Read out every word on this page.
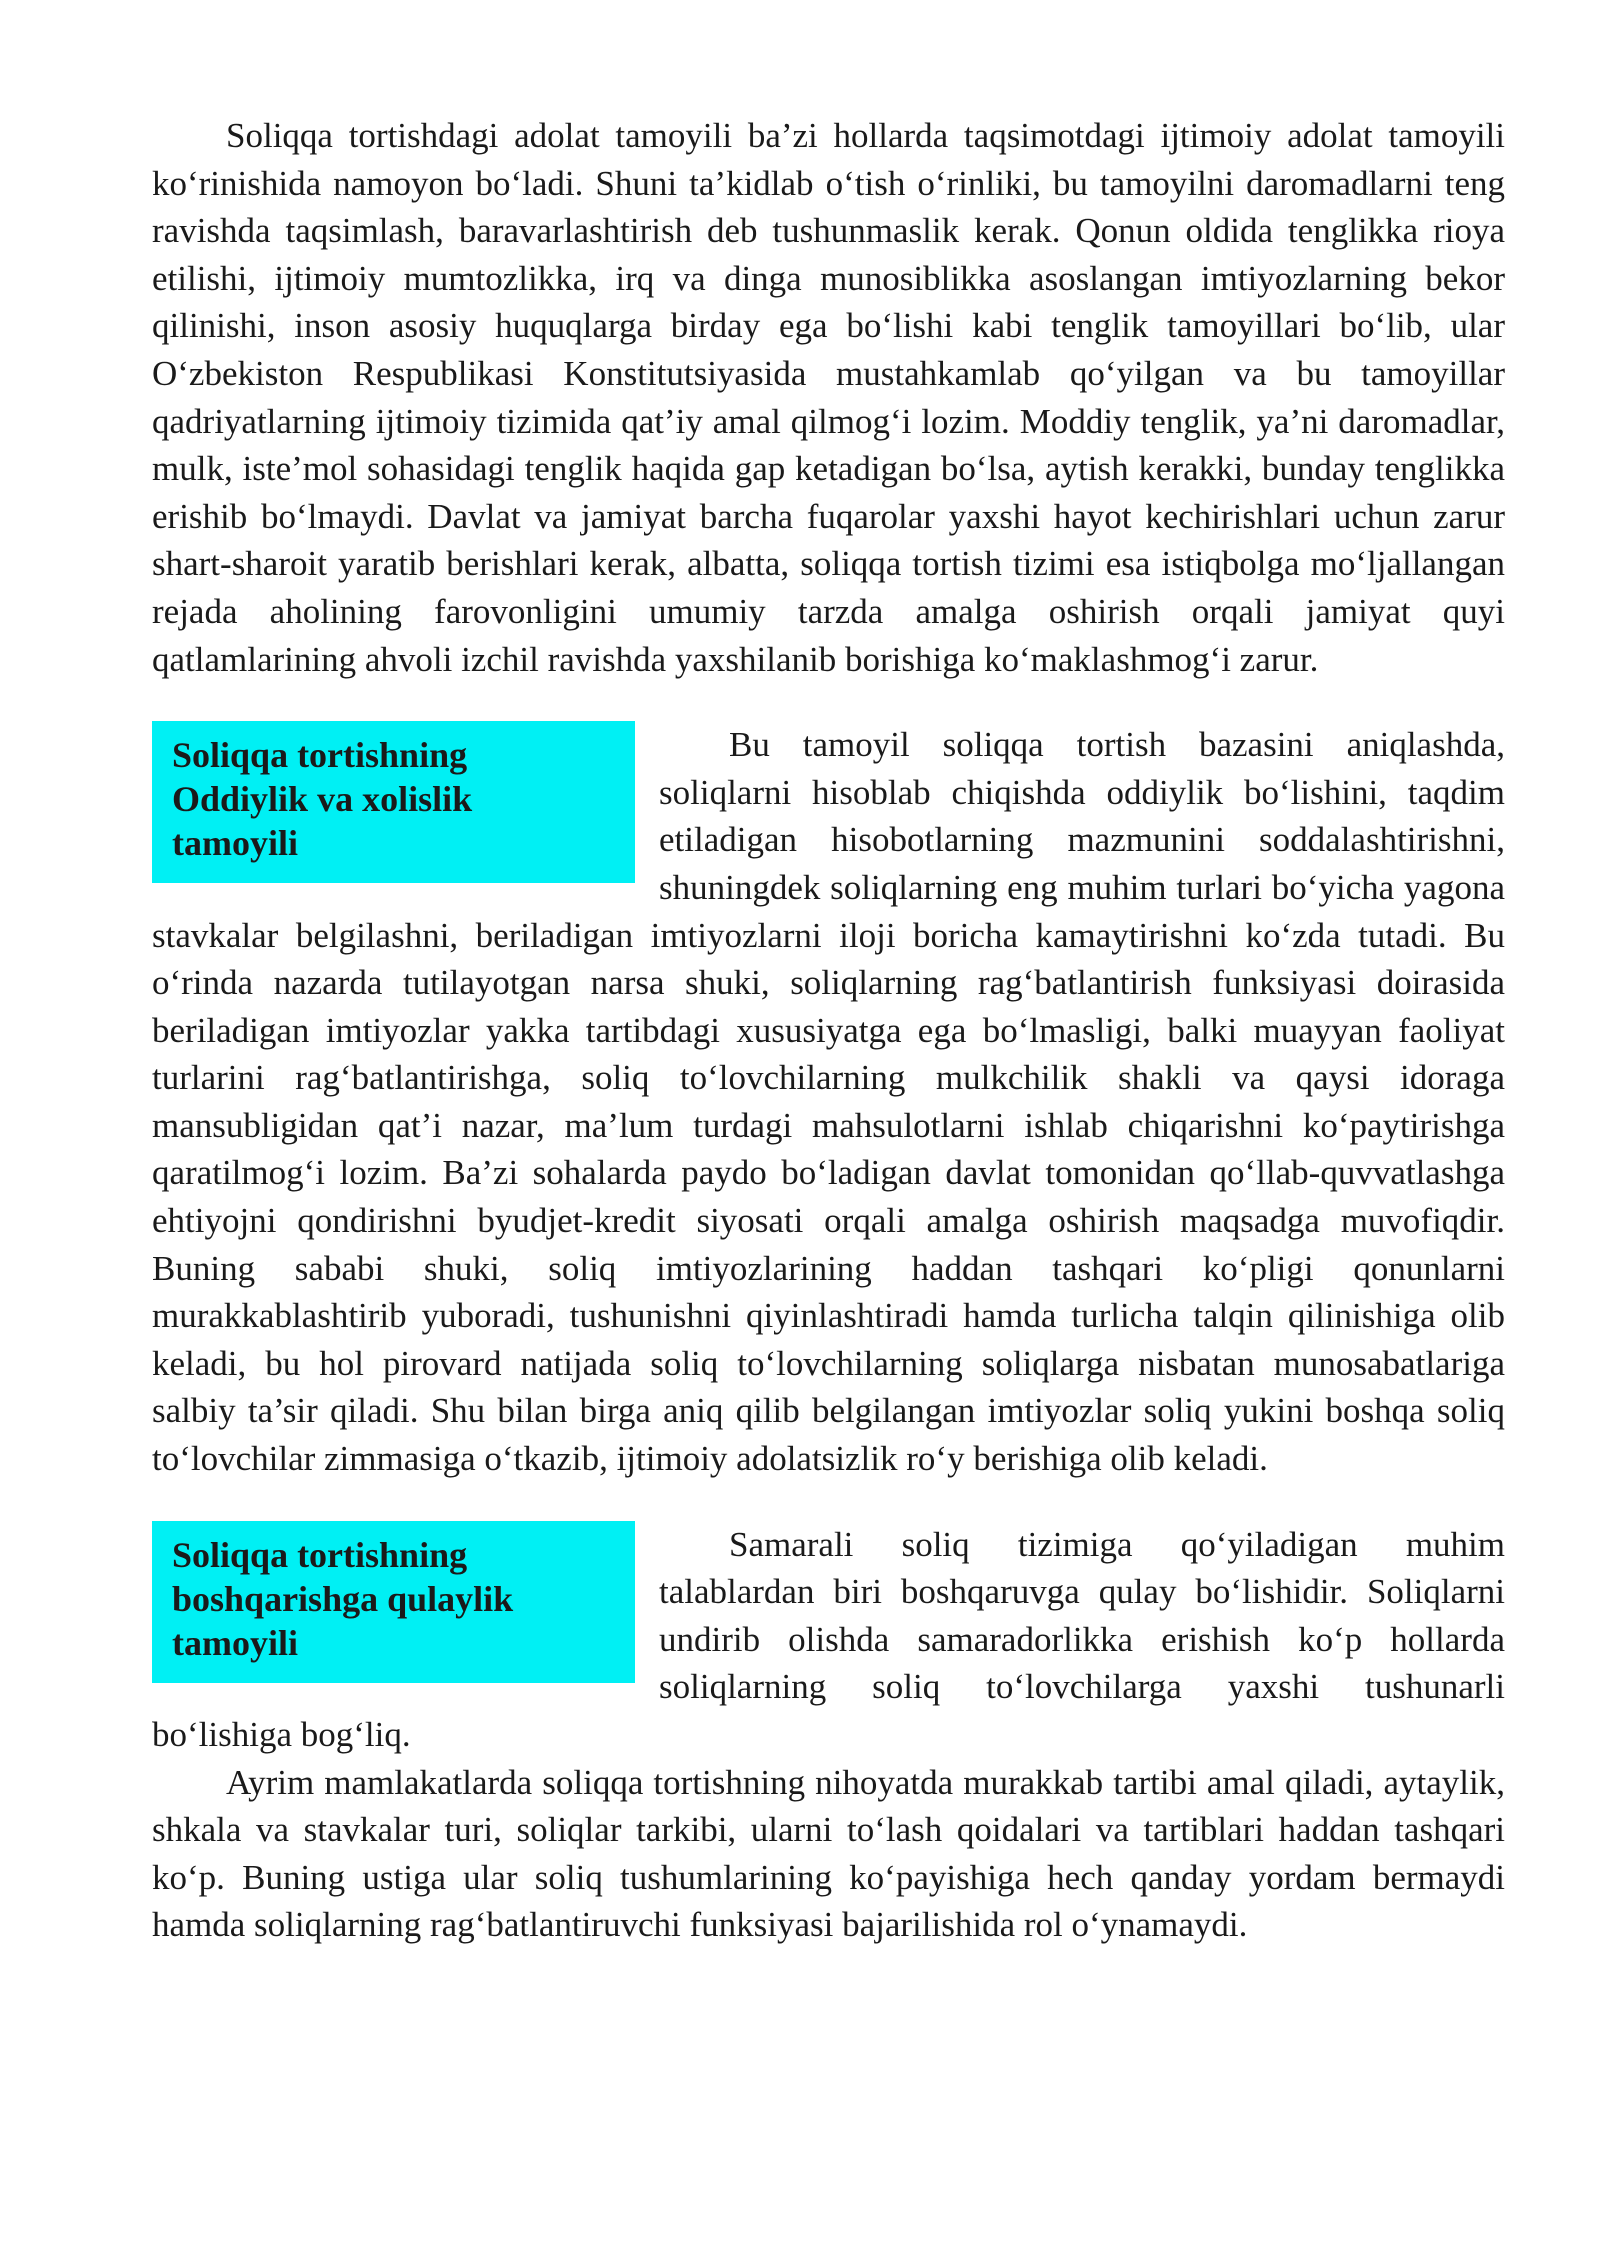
Soliqqa tortishdagi adolat tamoyili ba’zi hollarda taqsimotdagi ijtimoiy adolat tamoyili ko‘rinishida namoyon bo‘ladi. Shuni ta’kidlab o‘tish o‘rinliki, bu tamoyilni daromadlarni teng ravishda taqsimlash, baravarlashtirish deb tushunmaslik kerak. Qonun oldida tenglikka rioya etilishi, ijtimoiy mumtozlikka, irq va dinga munosiblikka asoslangan imtiyozlarning bekor qilinishi, inson asosiy huquqlarga birday ega bo‘lishi kabi tenglik tamoyillari bo‘lib, ular O‘zbekiston Respublikasi Konstitutsiyasida mustahkamlab qo‘yilgan va bu tamoyillar qadriyatlarning ijtimoiy tizimida qat’iy amal qilmog‘i lozim. Moddiy tenglik, ya’ni daromadlar, mulk, iste’mol sohasidagi tenglik haqida gap ketadigan bo‘lsa, aytish kerakki, bunday tenglikka erishib bo‘lmaydi. Davlat va jamiyat barcha fuqarolar yaxshi hayot kechirishlari uchun zarur shart-sharoit yaratib berishlari kerak, albatta, soliqqa tortish tizimi esa istiqbolga mo‘ljallangan rejada aholining farovonligini umumiy tarzda amalga oshirish orqali jamiyat quyi qatlamlarining ahvoli izchil ravishda yaxshilanib borishiga ko‘maklashmog‘i zarur.

Soliqqa tortishning
Oddiylik va xolislik
tamoyili

Bu tamoyil soliqqa tortish bazasini aniqlashda, soliqlarni hisoblab chiqishda oddiylik bo‘lishini, taqdim etiladigan hisobotlarning mazmunini soddalashtirishni, shuningdek soliqlarning eng muhim turlari bo‘yicha yagona stavkalar belgilashni, beriladigan imtiyozlarni iloji boricha kamaytirishni ko‘zda tutadi. Bu o‘rinda nazarda tutilayotgan narsa shuki, soliqlarning rag‘batlantirish funksiyasi doirasida beriladigan imtiyozlar yakka tartibdagi xususiyatga ega bo‘lmasligi, balki muayyan faoliyat turlarini rag‘batlantirishga, soliq to‘lovchilarning mulkchilik shakli va qaysi idoraga mansubligidan qat’i nazar, ma’lum turdagi mahsulotlarni ishlab chiqarishni ko‘paytirishga qaratilmog‘i lozim. Ba’zi sohalarda paydo bo‘ladigan davlat tomonidan qo‘llab-quvvatlashga ehtiyojni qondirishni byudjet-kredit siyosati orqali amalga oshirish maqsadga muvofiqdir. Buning sababi shuki, soliq imtiyozlarining haddan tashqari ko‘pligi qonunlarni murakkablashtirib yuboradi, tushunishni qiyinlashtiradi hamda turlicha talqin qilinishiga olib keladi, bu hol pirovard natijada soliq to‘lovchilarning soliqlarga nisbatan munosabatlariga salbiy ta’sir qiladi. Shu bilan birga aniq qilib belgilangan imtiyozlar soliq yukini boshqa soliq to‘lovchilar zimmasiga o‘tkazib, ijtimoiy adolatsizlik ro‘y berishiga olib keladi.

Soliqqa tortishning
boshqarishga qulaylik
tamoyili

Samarali soliq tizimiga qo‘yiladigan muhim talablardan biri boshqaruvga qulay bo‘lishidir. Soliqlarni undirib olishda samaradorlikka erishish ko‘p hollarda soliqlarning soliq to‘lovchilarga yaxshi tushunarli bo‘lishiga bog‘liq.

Ayrim mamlakatlarda soliqqa tortishning nihoyatda murakkab tartibi amal qiladi, aytaylik, shkala va stavkalar turi, soliqlar tarkibi, ularni to‘lash qoidalari va tartiblari haddan tashqari ko‘p. Buning ustiga ular soliq tushumlarining ko‘payishiga hech qanday yordam bermaydi hamda soliqlarning rag‘batlantiruvchi funksiyasi bajarilishida rol o‘ynamaydi.
